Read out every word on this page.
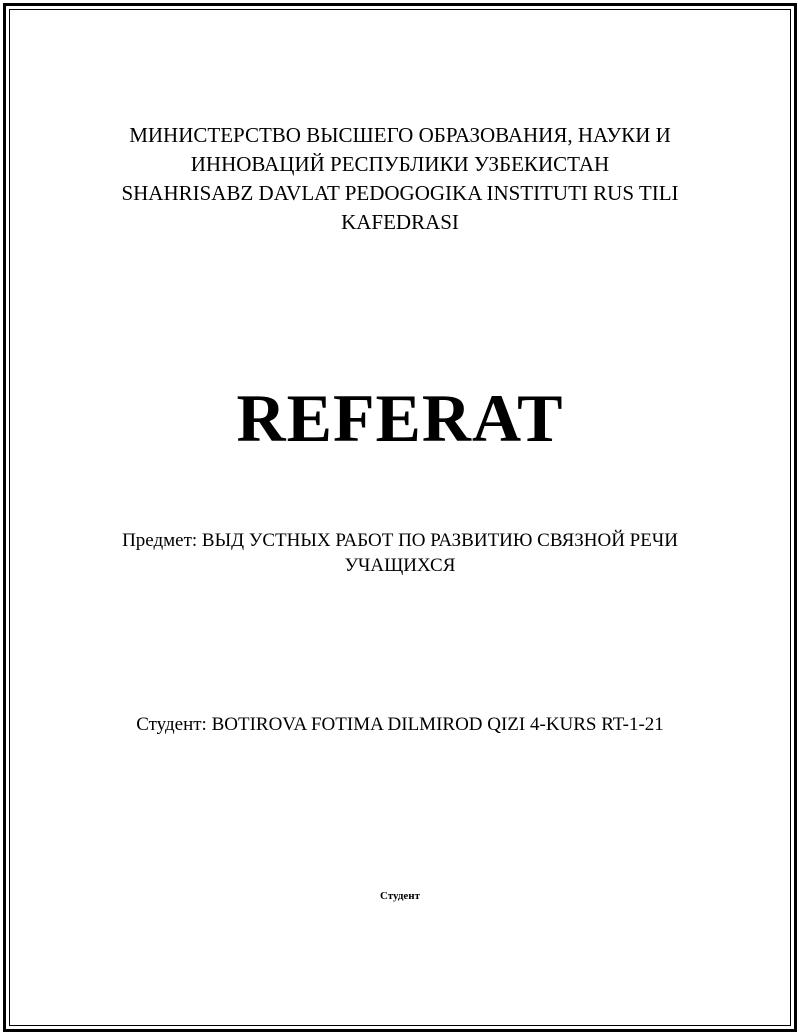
МИНИСТЕРСТВО ВЫСШЕГО ОБРАЗОВАНИЯ, НАУКИ И
ИННОВАЦИЙ РЕСПУБЛИКИ УЗБЕКИСТАН
SHAHRISABZ DAVLAT PEDOGOGIKA INSTITUTI RUS TILI
KAFEDRASI
REFERAT
Предмет: ВЫД УСТНЫХ РАБОТ ПО РАЗВИТИЮ СВЯЗНОЙ РЕЧИ
УЧАЩИХСЯ
Студент: BOTIROVA FOTIMA DILMIROD QIZI 4-KURS RT-1-21
Студент
